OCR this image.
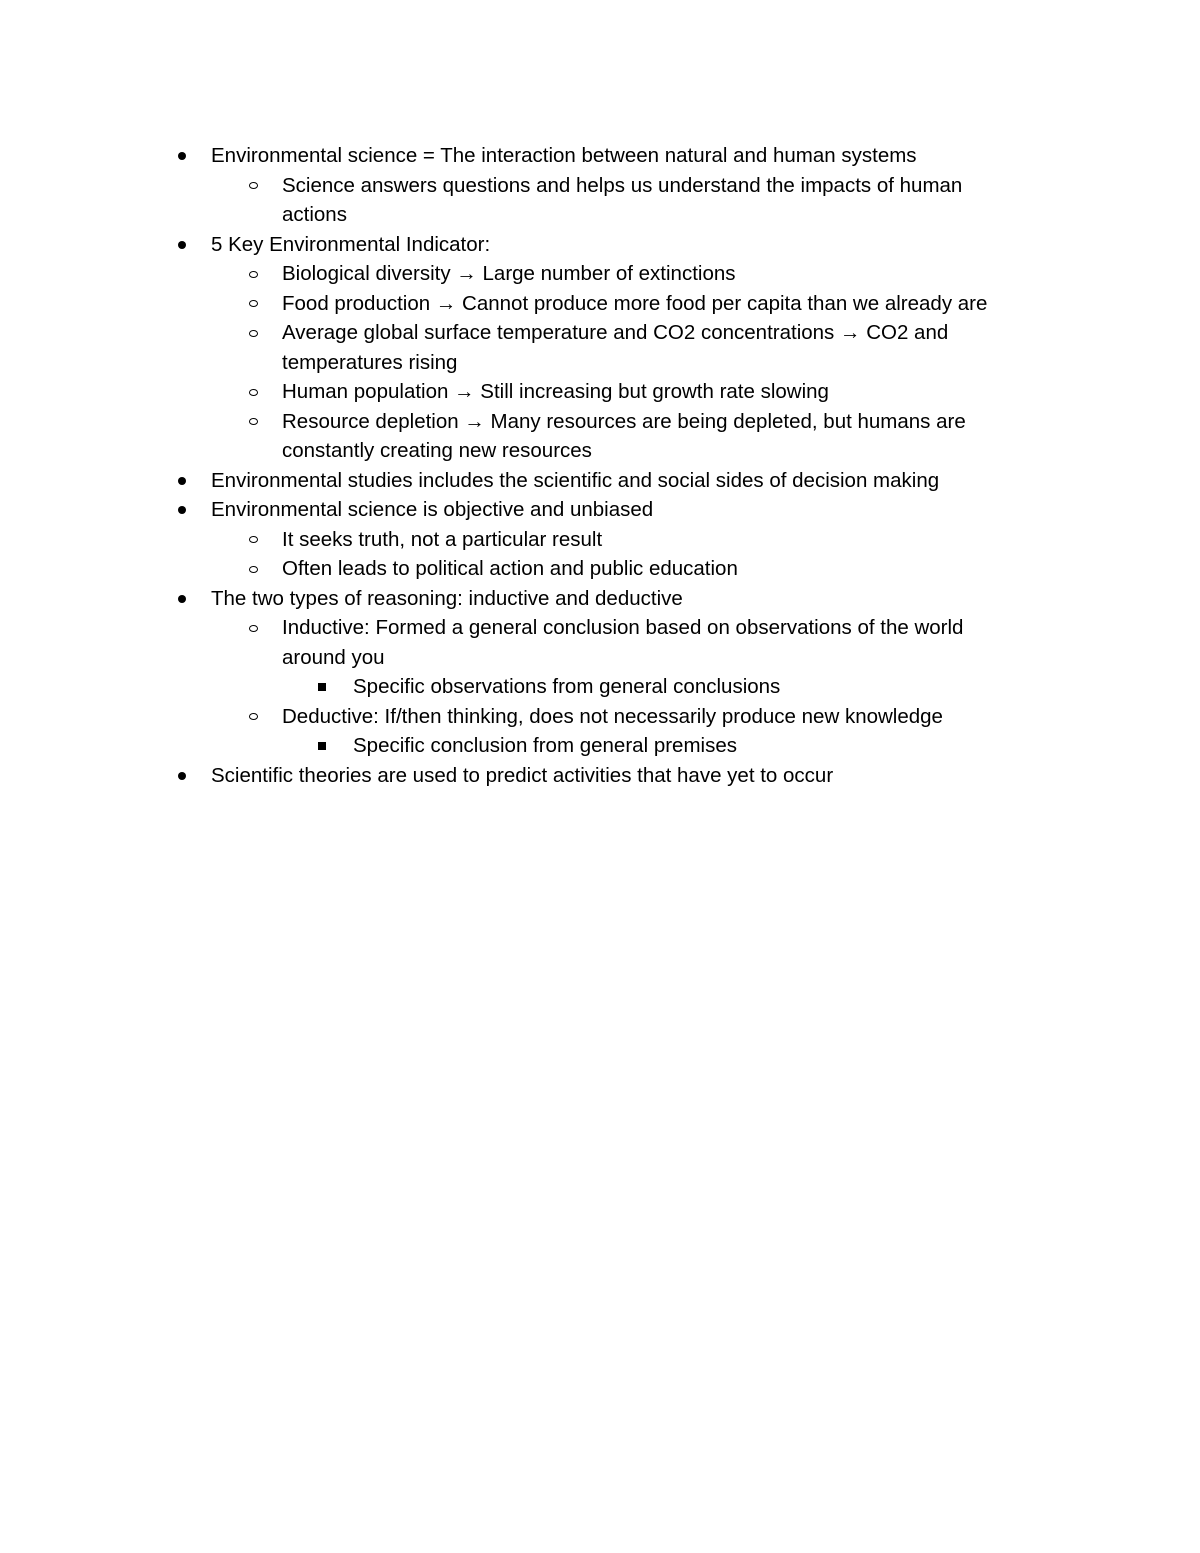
Environmental science = The interaction between natural and human systems
Science answers questions and helps us understand the impacts of human
actions
5 Key Environmental Indicator:
Biological diversity → Large number of extinctions
Food production → Cannot produce more food per capita than we already are
Average global surface temperature and CO2 concentrations → CO2 and
temperatures rising
Human population → Still increasing but growth rate slowing
Resource depletion → Many resources are being depleted, but humans are
constantly creating new resources
Environmental studies includes the scientific and social sides of decision making
Environmental science is objective and unbiased
It seeks truth, not a particular result
Often leads to political action and public education
The two types of reasoning: inductive and deductive
Inductive: Formed a general conclusion based on observations of the world
around you
Specific observations from general conclusions
Deductive: If/then thinking, does not necessarily produce new knowledge
Specific conclusion from general premises
Scientific theories are used to predict activities that have yet to occur
